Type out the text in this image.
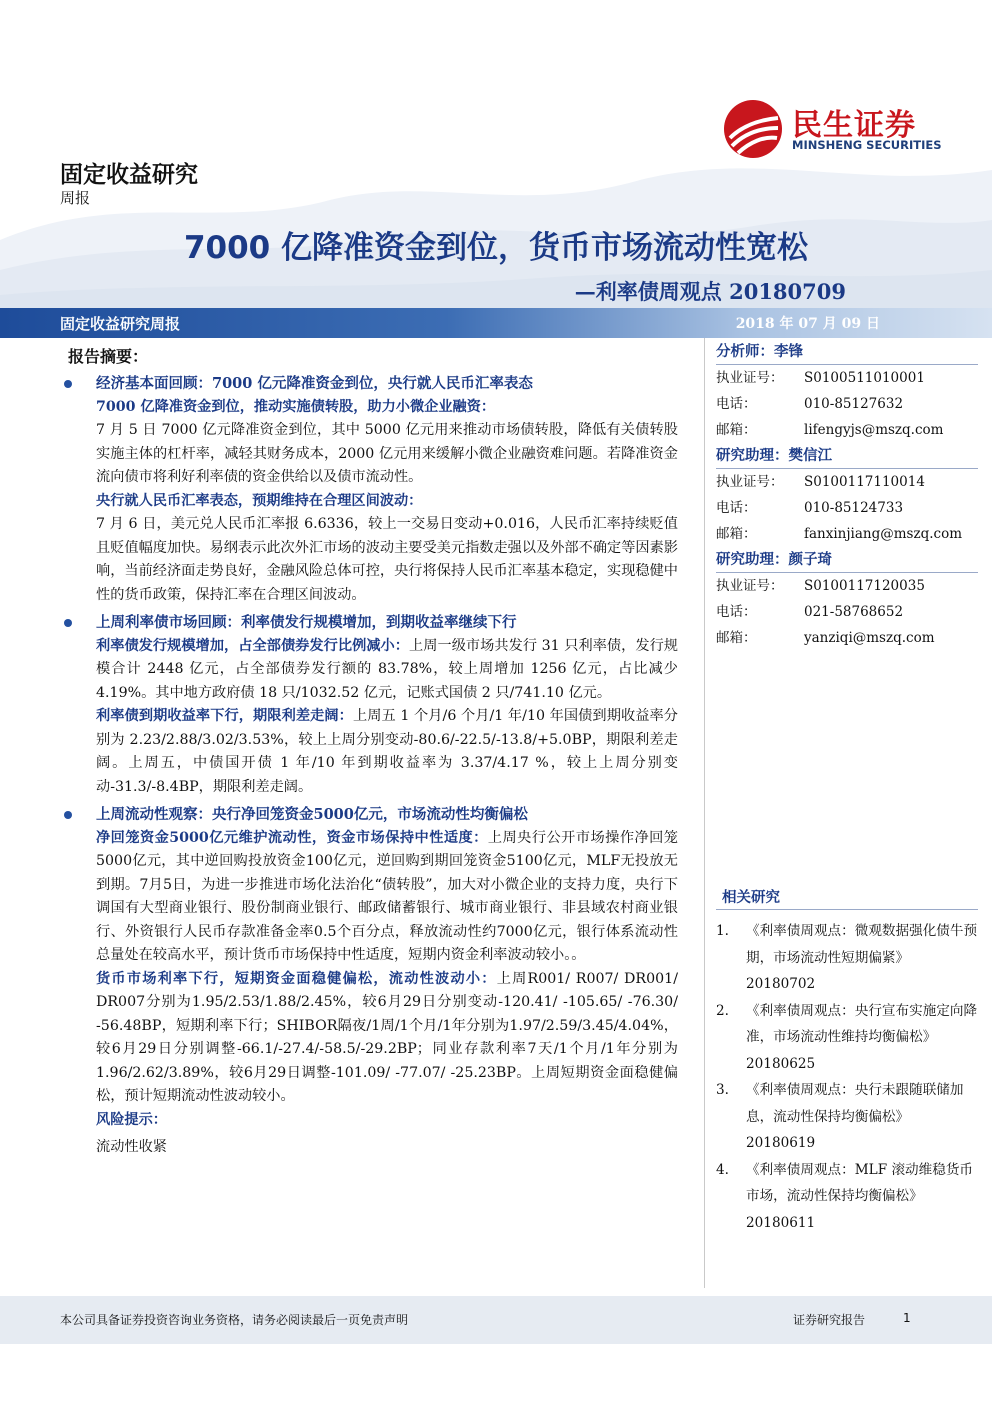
民生证券
MINSHENG SECURITIES
固定收益研究
周报
7000 亿降准资金到位，货币市场流动性宽松
—利率债周观点 20180709
固定收益研究周报	2018 年 07 月 09 日
报告摘要：
经济基本面回顾：7000 亿元降准资金到位，央行就人民币汇率表态
7000 亿降准资金到位，推动实施债转股，助力小微企业融资：
7 月 5 日 7000 亿元降准资金到位，其中 5000 亿元用来推动市场债转股，降低有关债转股实施主体的杠杆率，减轻其财务成本，2000 亿元用来缓解小微企业融资难问题。若降准资金流向债市将利好利率债的资金供给以及债市流动性。
央行就人民币汇率表态，预期维持在合理区间波动：
7 月 6 日，美元兑人民币汇率报 6.6336，较上一交易日变动+0.016，人民币汇率持续贬值且贬值幅度加快。易纲表示此次外汇市场的波动主要受美元指数走强以及外部不确定等因素影响，当前经济面走势良好，金融风险总体可控，央行将保持人民币汇率基本稳定，实现稳健中性的货币政策，保持汇率在合理区间波动。
上周利率债市场回顾：利率债发行规模增加，到期收益率继续下行
利率债发行规模增加，占全部债券发行比例减小：上周一级市场共发行 31 只利率债，发行规模合计 2448 亿元，占全部债券发行额的 83.78%，较上周增加 1256 亿元，占比减少 4.19%。其中地方政府债 18 只/1032.52 亿元，记账式国债 2 只/741.10 亿元。
利率债到期收益率下行，期限利差走阔：上周五 1 个月/6 个月/1 年/10 年国债到期收益率分别为 2.23/2.88/3.02/3.53%，较上上周分别变动-80.6/-22.5/-13.8/+5.0BP，期限利差走阔。上周五，中债国开债 1 年/10 年到期收益率为 3.37/4.17 %，较上上周分别变动-31.3/-8.4BP，期限利差走阔。
上周流动性观察：央行净回笼资金5000亿元，市场流动性均衡偏松
净回笼资金5000亿元维护流动性，资金市场保持中性适度：上周央行公开市场操作净回笼5000亿元，其中逆回购投放资金100亿元，逆回购到期回笼资金5100亿元，MLF无投放无到期。7月5日，为进一步推进市场化法治化“债转股”，加大对小微企业的支持力度，央行下调国有大型商业银行、股份制商业银行、邮政储蓄银行、城市商业银行、非县域农村商业银行、外资银行人民币存款准备金率0.5个百分点，释放流动性约7000亿元，银行体系流动性总量处在较高水平，预计货币市场保持中性适度，短期内资金利率波动较小。。
货币市场利率下行，短期资金面稳健偏松，流动性波动小：上周R001/ R007/ DR001/ DR007分别为1.95/2.53/1.88/2.45%，较6月29日分别变动-120.41/ -105.65/ -76.30/ -56.48BP，短期利率下行；SHIBOR隔夜/1周/1个月/1年分别为1.97/2.59/3.45/4.04%，较6月29日分别调整-66.1/-27.4/-58.5/-29.2BP；同业存款利率7天/1个月/1年分别为1.96/2.62/3.89%，较6月29日调整-101.09/ -77.07/ -25.23BP。上周短期资金面稳健偏松，预计短期流动性波动较小。
风险提示：
流动性收紧
分析师：李锋
执业证号： S0100511010001
电话：	010-85127632
邮箱：	lifengyjs@mszq.com
研究助理：樊信江
执业证号： S0100117110014
电话：	010-85124733
邮箱：	fanxinjiang@mszq.com
研究助理：颜子琦
执业证号： S0100117120035
电话：	021-58768652
邮箱：	yanziqi@mszq.com
相关研究
1. 《利率债周观点：微观数据强化债牛预期，市场流动性短期偏紧》
20180702
2. 《利率债周观点：央行宣布实施定向降准，市场流动性维持均衡偏松》
20180625
3. 《利率债周观点：央行未跟随联储加息，流动性保持均衡偏松》
20180619
4. 《利率债周观点：MLF 滚动维稳货币市场，流动性保持均衡偏松》
20180611
本公司具备证券投资咨询业务资格，请务必阅读最后一页免责声明	证券研究报告	1
